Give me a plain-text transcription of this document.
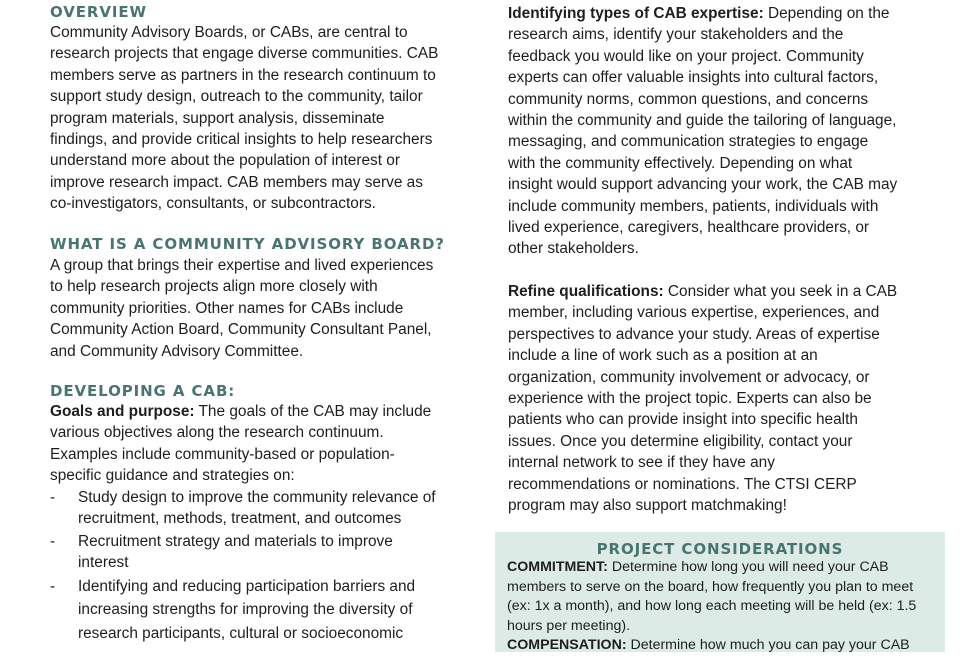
OVERVIEW

Community Advisory Boards, or CABs, are central to
research projects that engage diverse communities. CAB
members serve as partners in the research continuum to
support study design, outreach to the community, tailor
program materials, support analysis, disseminate
findings, and provide critical insights to help researchers
understand more about the population of interest or
improve research impact. CAB members may serve as
co-investigators, consultants, or subcontractors.

WHAT IS A COMMUNITY ADVISORY BOARD?

A group that brings their expertise and lived experiences
to help research projects align more closely with
community priorities. Other names for CABs include
Community Action Board, Community Consultant Panel,
and Community Advisory Committee.

DEVELOPING A CAB:

Goals and purpose: The goals of the CAB may include
various objectives along the research continuum.
Examples include community-based or population-
specific guidance and strategies on:

- Study design to improve the community relevance of
recruitment, methods, treatment, and outcomes
- Recruitment strategy and materials to improve
interest
- Identifying and reducing participation barriers and
increasing strengths for improving the diversity of
research participants, cultural or socioeconomic

Identifying types of CAB expertise: Depending on the
research aims, identify your stakeholders and the
feedback you would like on your project. Community
experts can offer valuable insights into cultural factors,
community norms, common questions, and concerns
within the community and guide the tailoring of language,
messaging, and communication strategies to engage
with the community effectively. Depending on what
insight would support advancing your work, the CAB may
include community members, patients, individuals with
lived experience, caregivers, healthcare providers, or
other stakeholders.

Refine qualifications: Consider what you seek in a CAB
member, including various expertise, experiences, and
perspectives to advance your study. Areas of expertise
include a line of work such as a position at an
organization, community involvement or advocacy, or
experience with the project topic. Experts can also be
patients who can provide insight into specific health
issues. Once you determine eligibility, contact your
internal network to see if they have any
recommendations or nominations. The CTSI CERP
program may also support matchmaking!

PROJECT CONSIDERATIONS

COMMITMENT: Determine how long you will need your CAB
members to serve on the board, how frequently you plan to meet
(ex: 1x a month), and how long each meeting will be held (ex: 1.5
hours per meeting).
COMPENSATION: Determine how much you can pay your CAB
